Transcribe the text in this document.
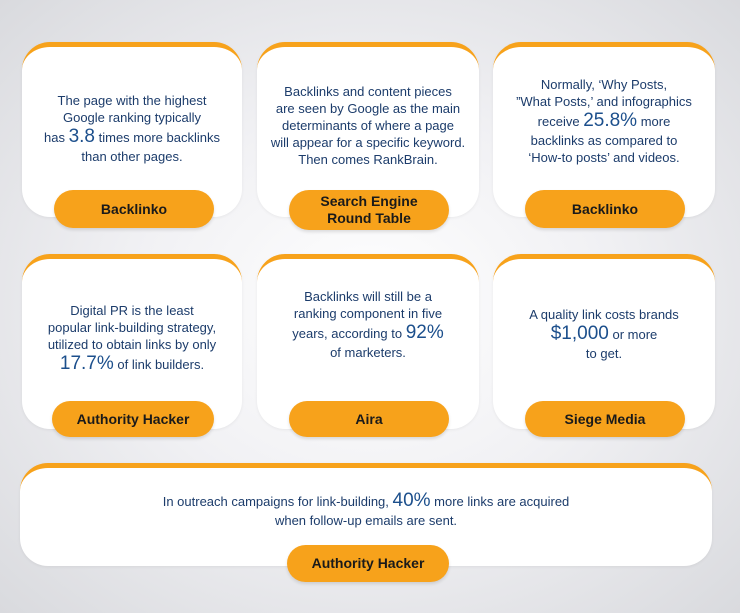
The page with the highest
Google ranking typically
has 3.8 times more backlinks
than other pages.
Backlinko
Backlinks and content pieces
are seen by Google as the main
determinants of where a page
will appear for a specific keyword.
Then comes RankBrain.
Search Engine
Round Table
Normally, ‘Why Posts,
”What Posts,’ and infographics
receive 25.8% more
backlinks as compared to
‘How-to posts’ and videos.
Backlinko
Digital PR is the least
popular link-building strategy,
utilized to obtain links by only
17.7% of link builders.
Authority Hacker
Backlinks will still be a
ranking component in five
years, according to 92%
of marketers.
Aira
A quality link costs brands
$1,000 or more
to get.
Siege Media
In outreach campaigns for link-building, 40% more links are acquired
when follow-up emails are sent.
Authority Hacker
